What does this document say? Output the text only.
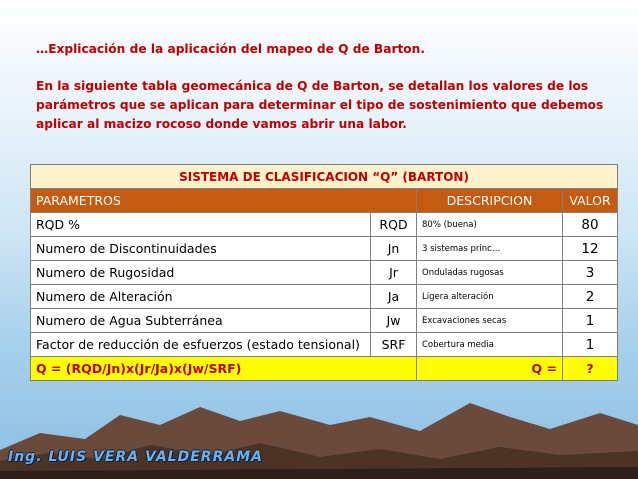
…Explicación de la aplicación del mapeo de Q de Barton.

En la siguiente tabla geomecánica de Q de Barton, se detallan los valores de los parámetros que se aplican para determinar el tipo de sostenimiento que debemos aplicar al macizo rocoso donde vamos abrir una labor.

SISTEMA DE CLASIFICACION “Q” (BARTON)			
PARAMETROS		DESCRIPCION	VALOR
RQD %	RQD	80% (buena)	80
Numero de Discontinuidades	Jn	3 sistemas princ…	12
Numero de Rugosidad	Jr	Onduladas rugosas	3
Numero de Alteración	Ja	Ligera alteración	2
Numero de Agua Subterránea	Jw	Excavaciones secas	1
Factor de reducción de esfuerzos (estado tensional)	SRF	Cobertura media	1
Q = (RQD/Jn)x(Jr/Ja)x(Jw/SRF)		Q =	?
Ing. LUIS VERA VALDERRAMA
